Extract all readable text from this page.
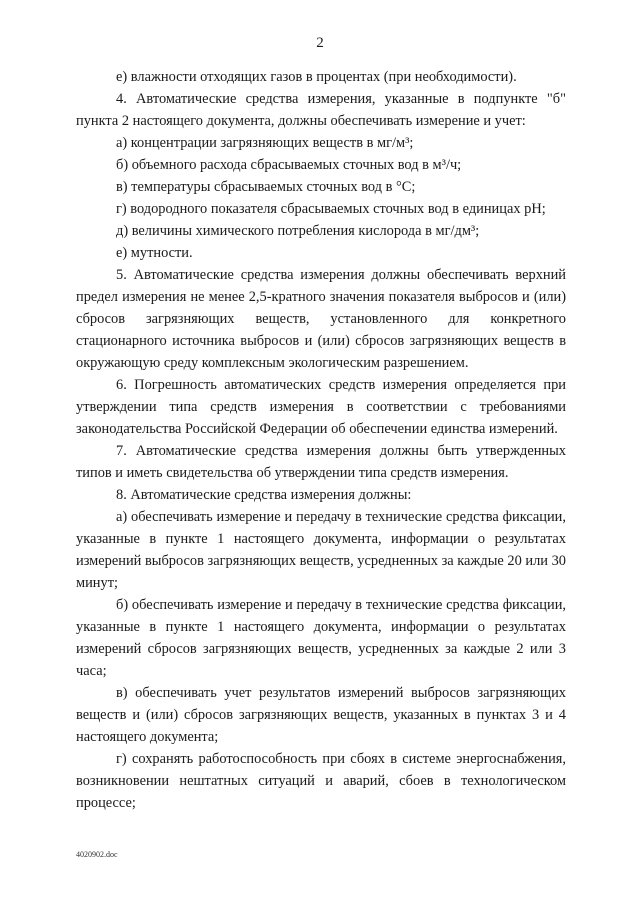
2

е) влажности отходящих газов в процентах (при необходимости).

4. Автоматические средства измерения, указанные в подпункте "б" пункта 2 настоящего документа, должны обеспечивать измерение и учет:

а) концентрации загрязняющих веществ в мг/м³;

б) объемного расхода сбрасываемых сточных вод в м³/ч;

в) температуры сбрасываемых сточных вод в °С;

г) водородного показателя сбрасываемых сточных вод в единицах pH;

д) величины химического потребления кислорода в мг/дм³;

е) мутности.

5. Автоматические средства измерения должны обеспечивать верхний предел измерения не менее 2,5-кратного значения показателя выбросов и (или) сбросов загрязняющих веществ, установленного для конкретного стационарного источника выбросов и (или) сбросов загрязняющих веществ в окружающую среду комплексным экологическим разрешением.

6. Погрешность автоматических средств измерения определяется при утверждении типа средств измерения в соответствии с требованиями законодательства Российской Федерации об обеспечении единства измерений.

7. Автоматические средства измерения должны быть утвержденных типов и иметь свидетельства об утверждении типа средств измерения.

8. Автоматические средства измерения должны:

а) обеспечивать измерение и передачу в технические средства фиксации, указанные в пункте 1 настоящего документа, информации о результатах измерений выбросов загрязняющих веществ, усредненных за каждые 20 или 30 минут;

б) обеспечивать измерение и передачу в технические средства фиксации, указанные в пункте 1 настоящего документа, информации о результатах измерений сбросов загрязняющих веществ, усредненных за каждые 2 или 3 часа;

в) обеспечивать учет результатов измерений выбросов загрязняющих веществ и (или) сбросов загрязняющих веществ, указанных в пунктах 3 и 4 настоящего документа;

г) сохранять работоспособность при сбоях в системе энергоснабжения, возникновении нештатных ситуаций и аварий, сбоев в технологическом процессе;

4020902.doc
